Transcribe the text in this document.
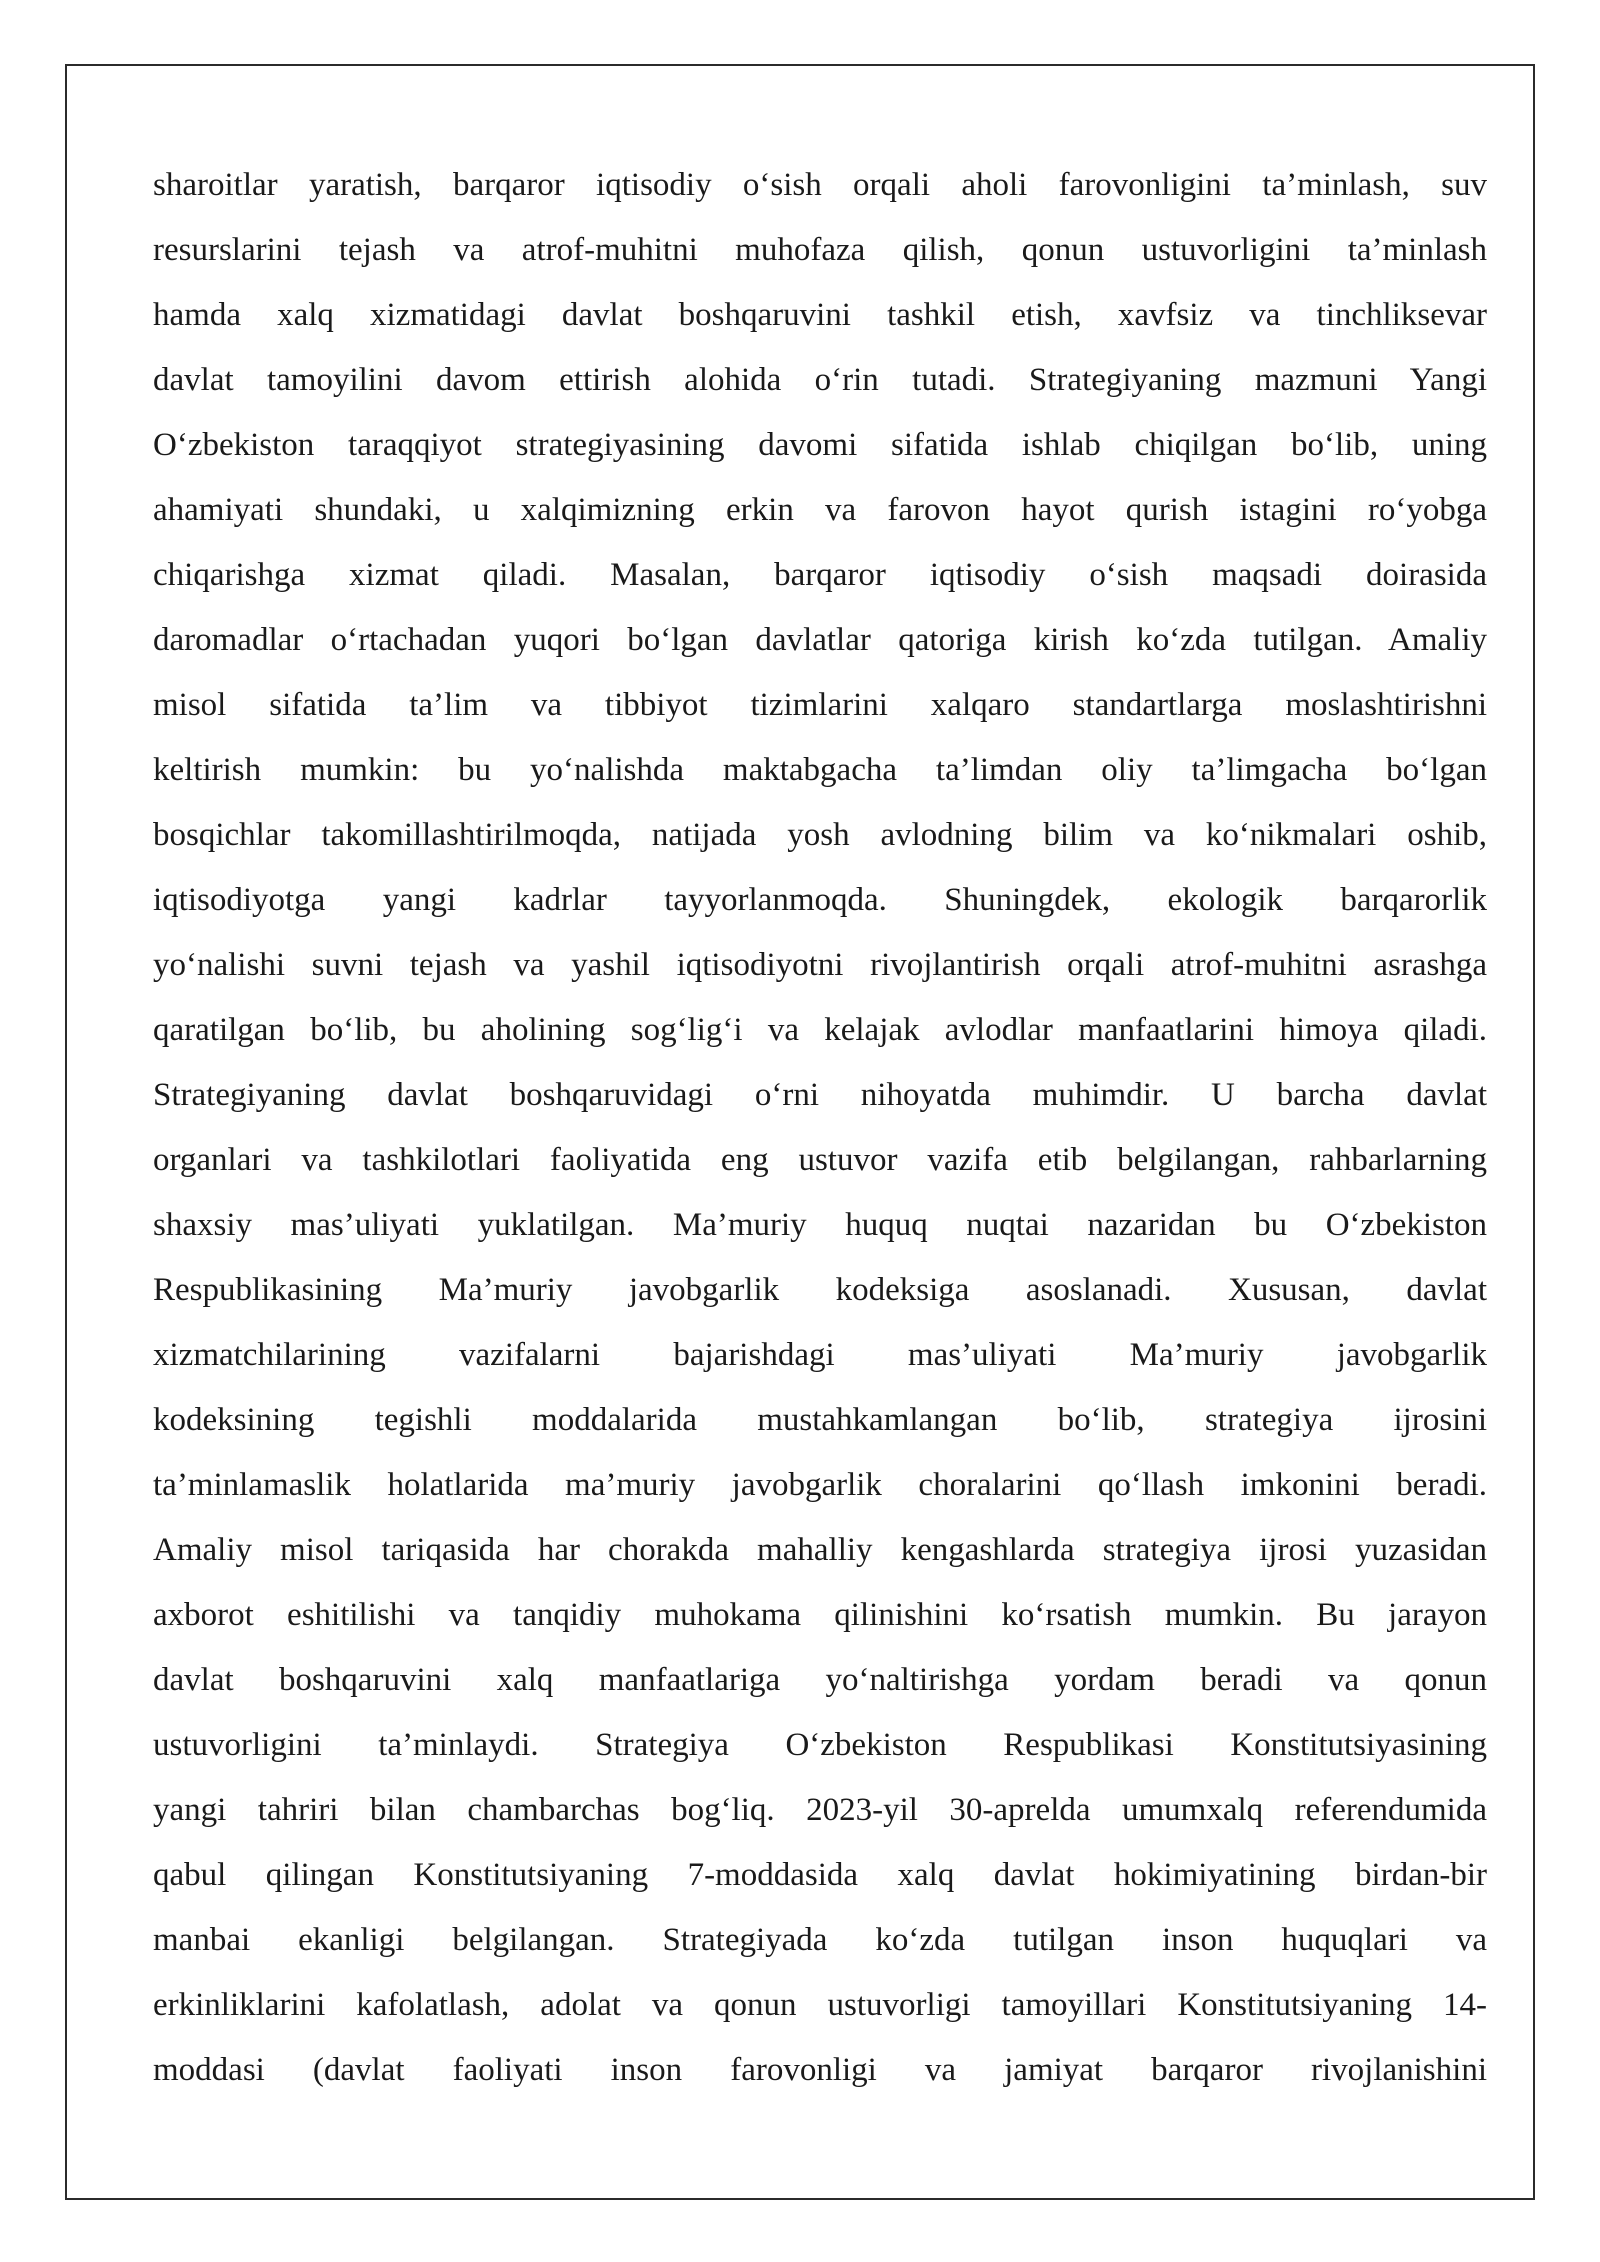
sharoitlar yaratish, barqaror iqtisodiy o‘sish orqali aholi farovonligini ta’minlash, suv

resurslarini tejash va atrof-muhitni muhofaza qilish, qonun ustuvorligini ta’minlash

hamda xalq xizmatidagi davlat boshqaruvini tashkil etish, xavfsiz va tinchliksevar

davlat tamoyilini davom ettirish alohida o‘rin tutadi. Strategiyaning mazmuni Yangi

O‘zbekiston taraqqiyot strategiyasining davomi sifatida ishlab chiqilgan bo‘lib, uning

ahamiyati shundaki, u xalqimizning erkin va farovon hayot qurish istagini ro‘yobga

chiqarishga xizmat qiladi. Masalan, barqaror iqtisodiy o‘sish maqsadi doirasida

daromadlar o‘rtachadan yuqori bo‘lgan davlatlar qatoriga kirish ko‘zda tutilgan. Amaliy

misol sifatida ta’lim va tibbiyot tizimlarini xalqaro standartlarga moslashtirishni

keltirish mumkin: bu yo‘nalishda maktabgacha ta’limdan oliy ta’limgacha bo‘lgan

bosqichlar takomillashtirilmoqda, natijada yosh avlodning bilim va ko‘nikmalari oshib,

iqtisodiyotga yangi kadrlar tayyorlanmoqda. Shuningdek, ekologik barqarorlik

yo‘nalishi suvni tejash va yashil iqtisodiyotni rivojlantirish orqali atrof-muhitni asrashga

qaratilgan bo‘lib, bu aholining sog‘lig‘i va kelajak avlodlar manfaatlarini himoya qiladi.

Strategiyaning davlat boshqaruvidagi o‘rni nihoyatda muhimdir. U barcha davlat

organlari va tashkilotlari faoliyatida eng ustuvor vazifa etib belgilangan, rahbarlarning

shaxsiy mas’uliyati yuklatilgan. Ma’muriy huquq nuqtai nazaridan bu O‘zbekiston

Respublikasining Ma’muriy javobgarlik kodeksiga asoslanadi. Xususan, davlat

xizmatchilarining vazifalarni bajarishdagi mas’uliyati Ma’muriy javobgarlik

kodeksining tegishli moddalarida mustahkamlangan bo‘lib, strategiya ijrosini

ta’minlamaslik holatlarida ma’muriy javobgarlik choralarini qo‘llash imkonini beradi.

Amaliy misol tariqasida har chorakda mahalliy kengashlarda strategiya ijrosi yuzasidan

axborot eshitilishi va tanqidiy muhokama qilinishini ko‘rsatish mumkin. Bu jarayon

davlat boshqaruvini xalq manfaatlariga yo‘naltirishga yordam beradi va qonun

ustuvorligini ta’minlaydi. Strategiya O‘zbekiston Respublikasi Konstitutsiyasining

yangi tahriri bilan chambarchas bog‘liq. 2023-yil 30-aprelda umumxalq referendumida

qabul qilingan Konstitutsiyaning 7-moddasida xalq davlat hokimiyatining birdan-bir

manbai ekanligi belgilangan. Strategiyada ko‘zda tutilgan inson huquqlari va

erkinliklarini kafolatlash, adolat va qonun ustuvorligi tamoyillari Konstitutsiyaning 14-

moddasi (davlat faoliyati inson farovonligi va jamiyat barqaror rivojlanishini
